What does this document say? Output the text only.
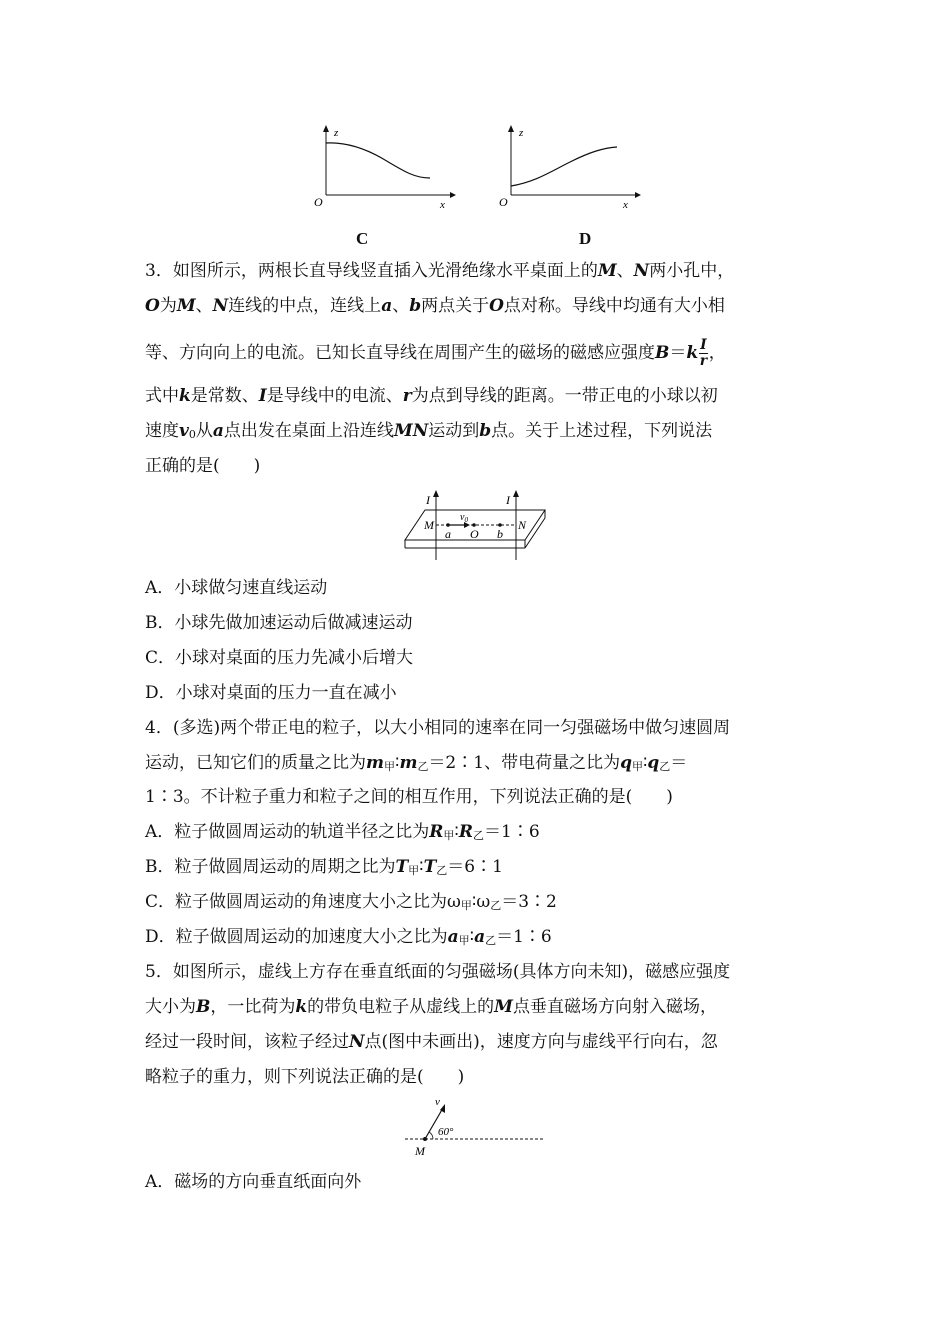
z
x
O
C
z
x
O
D
3．如图所示，两根长直导线竖直插入光滑绝缘水平桌面上的M、N两小孔中，
O为M、N连线的中点，连线上a、b两点关于O点对称。导线中均通有大小相
等、方向向上的电流。已知长直导线在周围产生的磁场的磁感应强度$B=k \frac{I}{r}$ ，
式中k是常数、I是导线中的电流、r为点到导线的距离。一带正电的小球以初
速度$v_0$从a点出发在桌面上沿连线MN运动到b点。关于上述过程，下列说法
正确的是(　　)
I	I
M	N
$v_0$
a O b
A．小球做匀速直线运动
B．小球先做加速运动后做减速运动
C．小球对桌面的压力先减小后增大
D．小球对桌面的压力一直在减小
4．(多选)两个带正电的粒子，以大小相同的速率在同一匀强磁场中做匀速圆周
运动，已知它们的质量之比为$m_甲∶m_乙=2∶1$、带电荷量之比为$q_甲∶q_乙=$
1∶3。不计粒子重力和粒子之间的相互作用，下列说法正确的是(　　)
A．粒子做圆周运动的轨道半径之比为$R_甲∶R_乙=1∶6$
B．粒子做圆周运动的周期之比为$T_甲∶T_乙=6∶1$
C．粒子做圆周运动的角速度大小之比为$\omega_甲∶\omega_乙=3∶2$
D．粒子做圆周运动的加速度大小之比为$a_甲∶a_乙=1∶6$
5．如图所示，虚线上方存在垂直纸面的匀强磁场(具体方向未知)，磁感应强度
大小为B，一比荷为k的带负电粒子从虚线上的M点垂直磁场方向射入磁场，
经过一段时间，该粒子经过N点(图中未画出)，速度方向与虚线平行向右，忽
略粒子的重力，则下列说法正确的是(　　)
v
60°
M
A．磁场的方向垂直纸面向外
